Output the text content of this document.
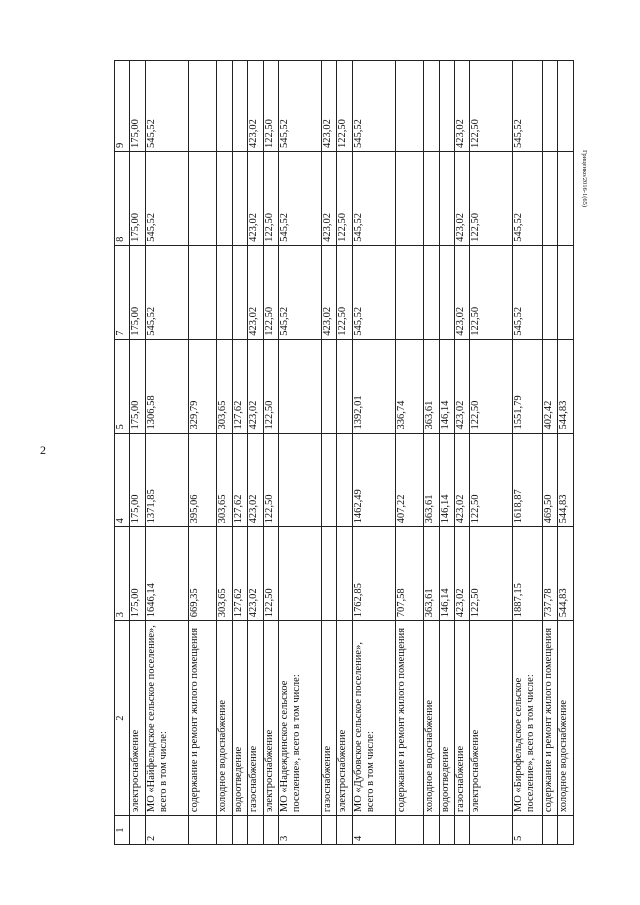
2
Гриценко/2016-1(65)
1	2	3	4	5	7	8	9
	электроснабжение	175,00	175,00	175,00	175,00	175,00	175,00
2	МО «Найфельдское сельское поселение», всего в том числе:	1646,14	1371,85	1306,58	545,52	545,52	545,52
	содержание и ремонт жилого помещения	669,35	395,06	329,79			
	холодное водоснабжение	303,65	303,65	303,65			
	водоотведение	127,62	127,62	127,62			
	газоснабжение	423,02	423,02	423,02	423,02	423,02	423,02
	электроснабжение	122,50	122,50	122,50	122,50	122,50	122,50
3	МО «Надеждинское сельское поселение», всего в том числе:				545,52	545,52	545,52
	газоснабжение				423,02	423,02	423,02
	электроснабжение				122,50	122,50	122,50
4	МО «Дубовское сельское поселение», всего в том числе:	1762,85	1462,49	1392,01	545,52	545,52	545,52
	содержание и ремонт жилого помещения	707,58	407,22	336,74			
	холодное водоснабжение	363,61	363,61	363,61			
	водоотведение	146,14	146,14	146,14			
	газоснабжение	423,02	423,02	423,02	423,02	423,02	423,02
	электроснабжение	122,50	122,50	122,50	122,50	122,50	122,50
5	МО «Бирофельдское сельское поселение», всего в том числе:	1887,15	1618,87	1551,79	545,52	545,52	545,52
	содержание и ремонт жилого помещения	737,78	469,50	402,42			
	холодное водоснабжение	544,83	544,83	544,83			
